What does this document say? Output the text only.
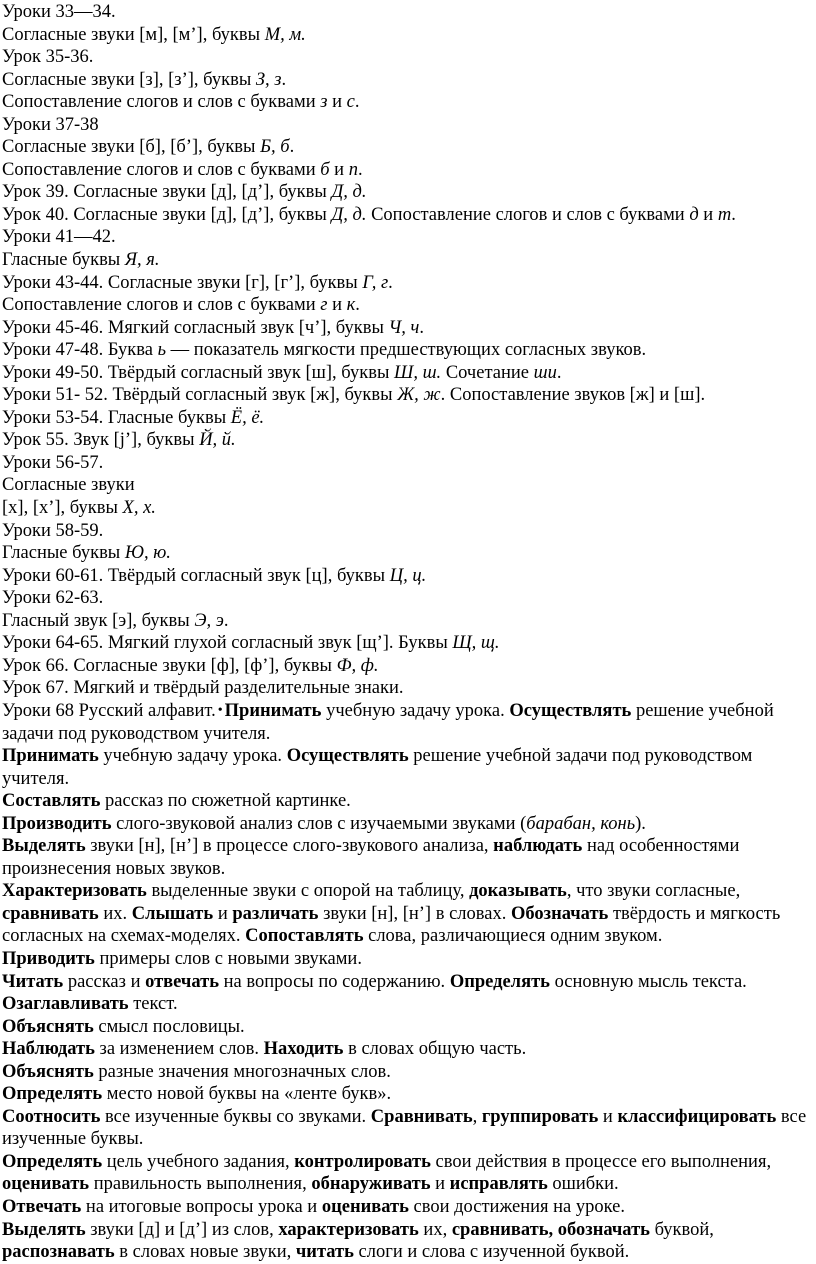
Уроки 33—34.
Согласные звуки [м], [м’], буквы М, м.
Урок 35-36.
Согласные звуки [з], [з’], буквы З, з.
Сопоставление слогов и слов с буквами з и с.
Уроки 37-38
Согласные звуки [б], [б’], буквы Б, б.
Сопоставление слогов и слов с буквами б и п.
Урок 39. Согласные звуки [д], [д’], буквы Д, д.
Урок 40. Согласные звуки [д], [д’], буквы Д, д. Сопоставление слогов и слов с буквами д и т.
Уроки 41—42.
Гласные буквы Я, я.
Уроки 43-44. Согласные звуки [г], [г’], буквы Г, г.
Сопоставление слогов и слов с буквами г и к.
Уроки 45-46. Мягкий согласный звук [ч’], буквы Ч, ч.
Уроки 47-48. Буква ь — показатель мягкости предшествующих согласных звуков.
Уроки 49-50. Твёрдый согласный звук [ш], буквы Ш, ш. Сочетание ши.
Уроки 51- 52. Твёрдый согласный звук [ж], буквы Ж, ж. Сопоставление звуков [ж] и [ш].
Уроки 53-54. Гласные буквы Ё, ё.
Урок 55. Звук [j’], буквы Й, й.
Уроки 56-57.
Согласные звуки
[х], [х’], буквы Х, х.
Уроки 58-59.
Гласные буквы Ю, ю.
Уроки 60-61. Твёрдый согласный звук [ц], буквы Ц, ц.
Уроки 62-63.
Гласный звук [э], буквы Э, э.
Уроки 64-65. Мягкий глухой согласный звук [щ’]. Буквы Щ, щ.
Урок 66. Согласные звуки [ф], [ф’], буквы Ф, ф.
Урок 67. Мягкий и твёрдый разделительные знаки.
Уроки 68 Русский алфавит. • Принимать учебную задачу урока. Осуществлять решение учебной задачи под руководством учителя.
Принимать учебную задачу урока. Осуществлять решение учебной задачи под руководством учителя.
Составлять рассказ по сюжетной картинке.
Производить слого-звуковой анализ слов с изучаемыми звуками (барабан, конь).
Выделять звуки [н], [н’] в процессе слого-звукового анализа, наблюдать над особенностями произнесения новых звуков.
Характеризовать выделенные звуки с опорой на таблицу, доказывать, что звуки согласные, сравнивать их. Слышать и различать звуки [н], [н’] в словах. Обозначать твёрдость и мягкость согласных на схемах-моделях. Сопоставлять слова, различающиеся одним звуком.
Приводить примеры слов с новыми звуками.
Читать рассказ и отвечать на вопросы по содержанию. Определять основную мысль текста.
Озаглавливать текст.
Объяснять смысл пословицы.
Наблюдать за изменением слов. Находить в словах общую часть.
Объяснять разные значения многозначных слов.
Определять место новой буквы на «ленте букв».
Соотносить все изученные буквы со звуками. Сравнивать, группировать и классифицировать все изученные буквы.
Определять цель учебного задания, контролировать свои действия в процессе его выполнения, оценивать правильность выполнения, обнаруживать и исправлять ошибки.
Отвечать на итоговые вопросы урока и оценивать свои достижения на уроке.
Выделять звуки [д] и [д’] из слов, характеризовать их, сравнивать, обозначать буквой, распознавать в словах новые звуки, читать слоги и слова с изученной буквой.
